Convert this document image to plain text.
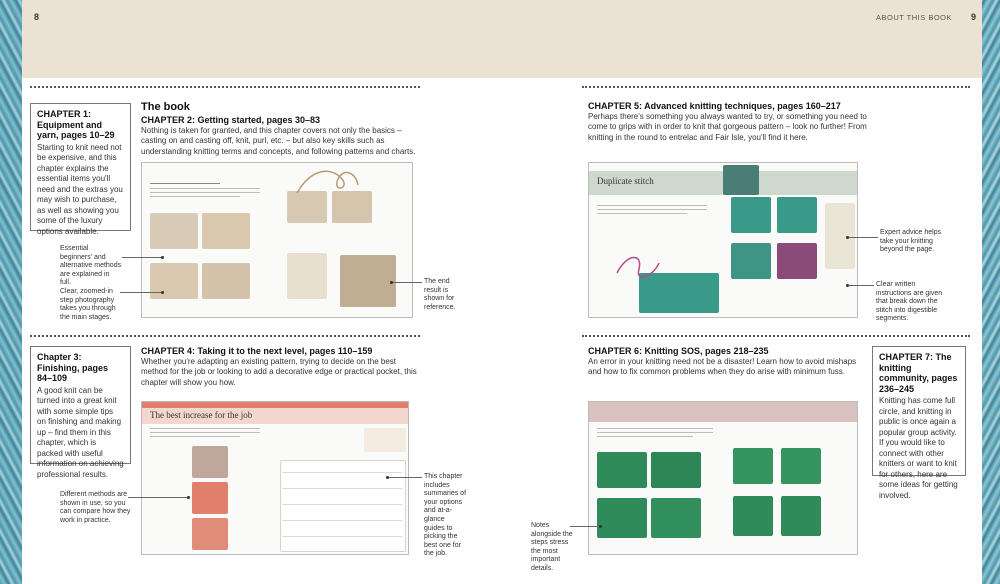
8	9
ABOUT THIS BOOK
CHAPTER 1: Equipment and yarn, pages 10–29
Starting to knit need not be expensive, and this chapter explains the essential items you'll need and the extras you may wish to purchase, as well as showing you some of the luxury options available.
The book
CHAPTER 2: Getting started, pages 30–83
Nothing is taken for granted, and this chapter covers not only the basics – casting on and casting off, knit, purl, etc. – but also key skills such as understanding knitting terms and concepts, and following patterns and charts.
Essential beginners' and alternative methods are explained in full.
Clear, zoomed-in step photography takes you through the main stages.
The end result is shown for reference.
CHAPTER 5: Advanced knitting techniques, pages 160–217
Perhaps there's something you always wanted to try, or something you need to come to grips with in order to knit that gorgeous pattern – look no further! From knitting in the round to entrelac and Fair Isle, you'll find it here.
Duplicate stitch
Expert advice helps take your knitting beyond the page.
Clear written instructions are given that break down the stitch into digestible segments.
Chapter 3: Finishing, pages 84–109
A good knit can be turned into a great knit with some simple tips on finishing and making up – find them in this chapter, which is packed with useful information on achieving professional results.
CHAPTER 4: Taking it to the next level, pages 110–159
Whether you're adapting an existing pattern, trying to decide on the best method for the job or looking to add a decorative edge or practical pocket, this chapter will show you how.
The best increase for the job
Different methods are shown in use, so you can compare how they work in practice.
This chapter includes summaries of your options and at-a-glance guides to picking the best one for the job.
CHAPTER 6: Knitting SOS, pages 218–235
An error in your knitting need not be a disaster! Learn how to avoid mishaps and how to fix common problems when they do arise with minimum fuss.
Notes alongside the steps stress the most important details.
CHAPTER 7: The knitting community, pages 236–245
Knitting has come full circle, and knitting in public is once again a popular group activity. If you would like to connect with other knitters or want to knit for others, here are some ideas for getting involved.
